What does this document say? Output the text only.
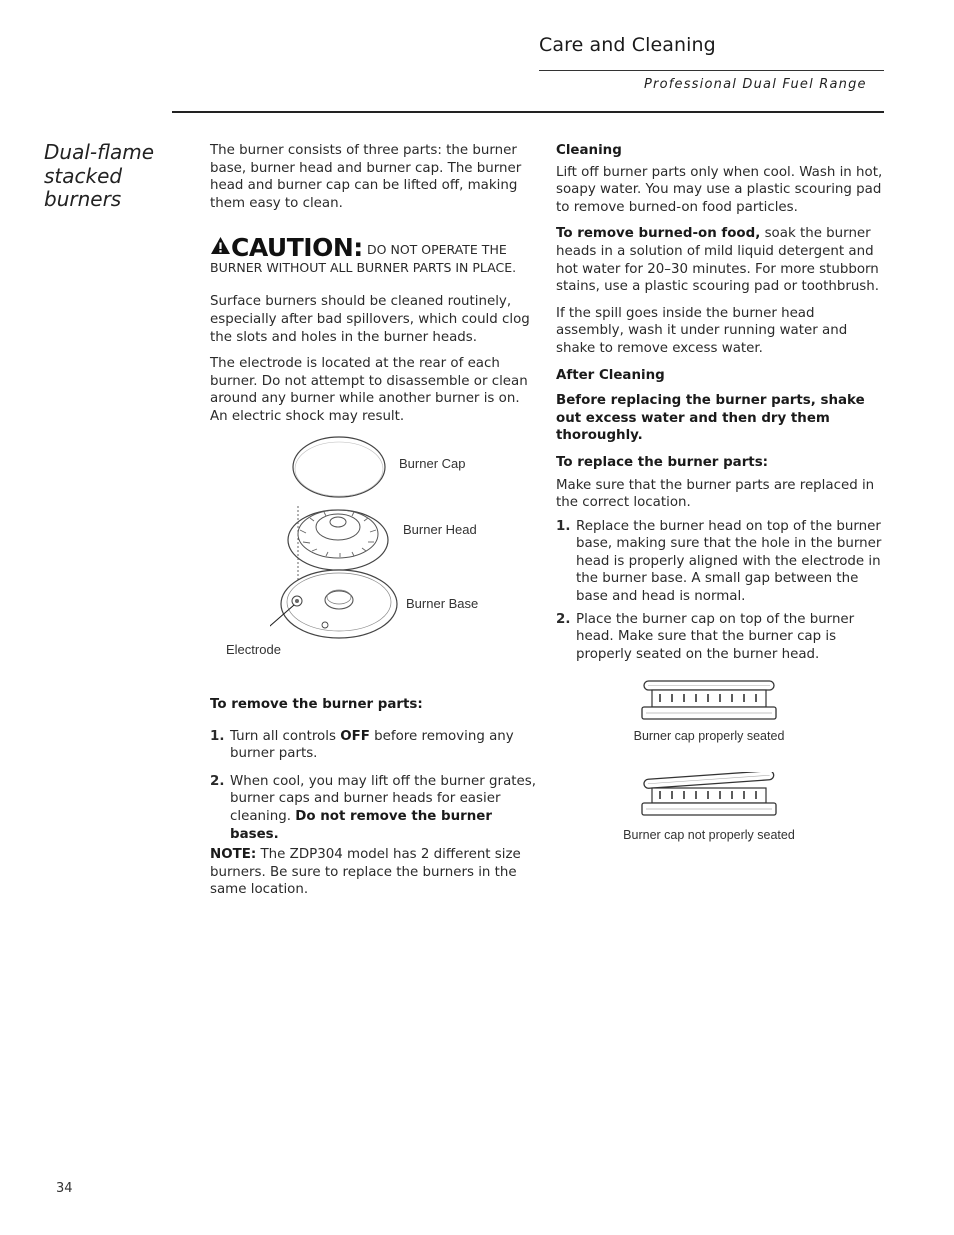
Care and Cleaning
Professional Dual Fuel Range
Dual-flame stacked burners

The burner consists of three parts: the burner base, burner head and burner cap. The burner head and burner cap can be lifted off, making them easy to clean.

CAUTION: DO NOT OPERATE THE BURNER WITHOUT ALL BURNER PARTS IN PLACE.

Surface burners should be cleaned routinely, especially after bad spillovers, which could clog the slots and holes in the burner heads.

The electrode is located at the rear of each burner. Do not attempt to disassemble or clean around any burner while another burner is on. An electric shock may result.

Burner Cap
Burner Head
Burner Base
Electrode

To remove the burner parts:

1. Turn all controls OFF before removing any burner parts.
2. When cool, you may lift off the burner grates, burner caps and burner heads for easier cleaning. Do not remove the burner bases.

NOTE: The ZDP304 model has 2 different size burners. Be sure to replace the burners in the same location.

Cleaning

Lift off burner parts only when cool. Wash in hot, soapy water. You may use a plastic scouring pad to remove burned-on food particles.

To remove burned-on food, soak the burner heads in a solution of mild liquid detergent and hot water for 20–30 minutes. For more stubborn stains, use a plastic scouring pad or toothbrush.

If the spill goes inside the burner head assembly, wash it under running water and shake to remove excess water.

After Cleaning

Before replacing the burner parts, shake out excess water and then dry them thoroughly.

To replace the burner parts:

Make sure that the burner parts are replaced in the correct location.

1. Replace the burner head on top of the burner base, making sure that the hole in the burner head is properly aligned with the electrode in the burner base. A small gap between the base and head is normal.
2. Place the burner cap on top of the burner head. Make sure that the burner cap is properly seated on the burner head.
Burner cap properly seated
Burner cap not properly seated
34
